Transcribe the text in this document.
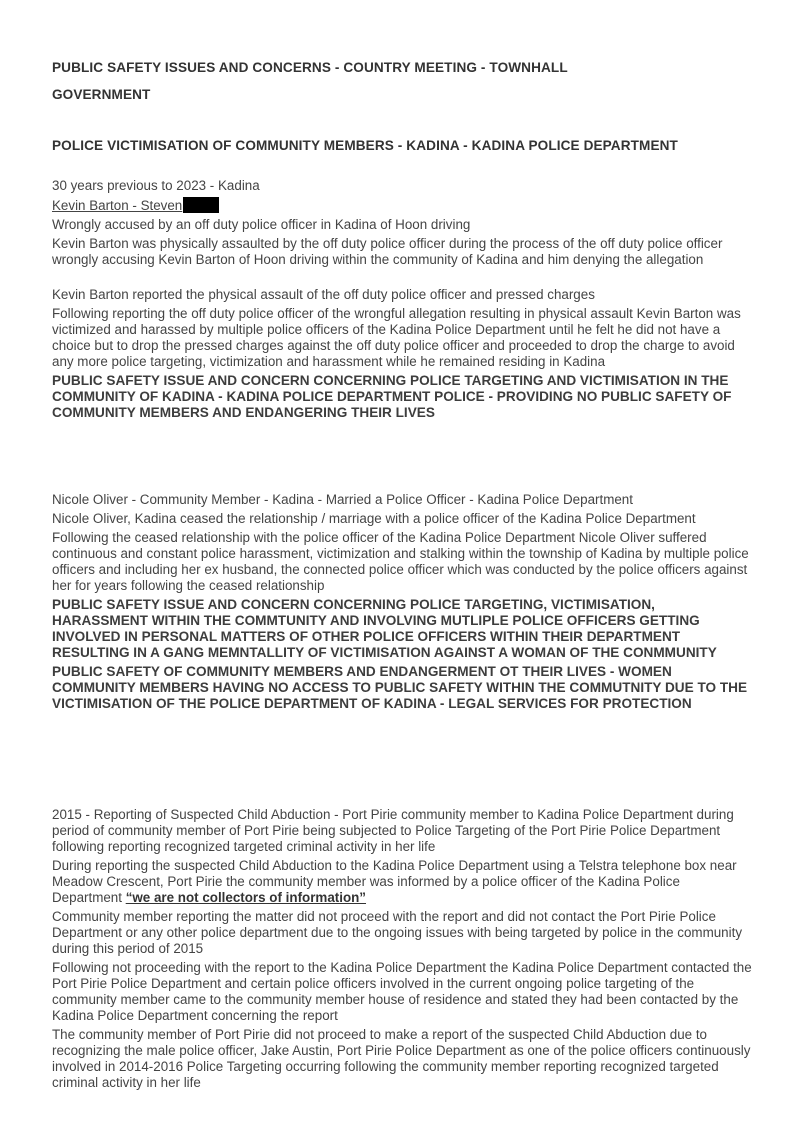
PUBLIC SAFETY ISSUES AND CONCERNS - COUNTRY MEETING - TOWNHALL
GOVERNMENT
POLICE VICTIMISATION OF COMMUNITY MEMBERS - KADINA - KADINA POLICE DEPARTMENT

30 years previous to 2023 - Kadina

Kevin Barton - Steven

Wrongly accused by an off duty police officer in Kadina of Hoon driving

Kevin Barton was physically assaulted by the off duty police officer during the process of the off duty police officer wrongly accusing Kevin Barton of Hoon driving within the community of Kadina and him denying the allegation

Kevin Barton reported the physical assault of the off duty police officer and pressed charges

Following reporting the off duty police officer of the wrongful allegation resulting in physical assault Kevin Barton was victimized and harassed by multiple police officers of the Kadina Police Department until he felt he did not have a choice but to drop the pressed charges against the off duty police officer and proceeded to drop the charge to avoid any more police targeting, victimization and harassment while he remained residing in Kadina

PUBLIC SAFETY ISSUE AND CONCERN CONCERNING POLICE TARGETING AND VICTIMISATION IN THE COMMUNITY OF KADINA - KADINA POLICE DEPARTMENT POLICE - PROVIDING NO PUBLIC SAFETY OF COMMUNITY MEMBERS AND ENDANGERING THEIR LIVES

Nicole Oliver - Community Member - Kadina - Married a Police Officer - Kadina Police Department

Nicole Oliver, Kadina ceased the relationship / marriage with a police officer of the Kadina Police Department

Following the ceased relationship with the police officer of the Kadina Police Department Nicole Oliver suffered continuous and constant police harassment, victimization and stalking within the township of Kadina by multiple police officers and including her ex husband, the connected police officer which was conducted by the police officers against her for years following the ceased relationship

PUBLIC SAFETY ISSUE AND CONCERN CONCERNING POLICE TARGETING, VICTIMISATION, HARASSMENT WITHIN THE COMMTUNITY AND INVOLVING MUTLIPLE POLICE OFFICERS GETTING INVOLVED IN PERSONAL MATTERS OF OTHER POLICE OFFICERS WITHIN THEIR DEPARTMENT RESULTING IN A GANG MEMNTALLITY OF VICTIMISATION AGAINST A WOMAN OF THE CONMMUNITY

PUBLIC SAFETY OF COMMUNITY MEMBERS AND ENDANGERMENT OT THEIR LIVES - WOMEN COMMUNITY MEMBERS HAVING NO ACCESS TO PUBLIC SAFETY WITHIN THE COMMUTNITY DUE TO THE VICTIMISATION OF THE POLICE DEPARTMENT OF KADINA - LEGAL SERVICES FOR PROTECTION

2015 - Reporting of Suspected Child Abduction - Port Pirie community member to Kadina Police Department during period of community member of Port Pirie being subjected to Police Targeting of the Port Pirie Police Department following reporting recognized targeted criminal activity in her life

During reporting the suspected Child Abduction to the Kadina Police Department using a Telstra telephone box near Meadow Crescent, Port Pirie the community member was informed by a police officer of the Kadina Police Department “we are not collectors of information”

Community member reporting the matter did not proceed with the report and did not contact the Port Pirie Police Department or any other police department due to the ongoing issues with being targeted by police in the community during this period of 2015

Following not proceeding with the report to the Kadina Police Department the Kadina Police Department contacted the Port Pirie Police Department and certain police officers involved in the current ongoing police targeting of the community member came to the community member house of residence and stated they had been contacted by the Kadina Police Department concerning the report

The community member of Port Pirie did not proceed to make a report of the suspected Child Abduction due to recognizing the male police officer, Jake Austin, Port Pirie Police Department as one of the police officers continuously involved in 2014-2016 Police Targeting occurring following the community member reporting recognized targeted criminal activity in her life
